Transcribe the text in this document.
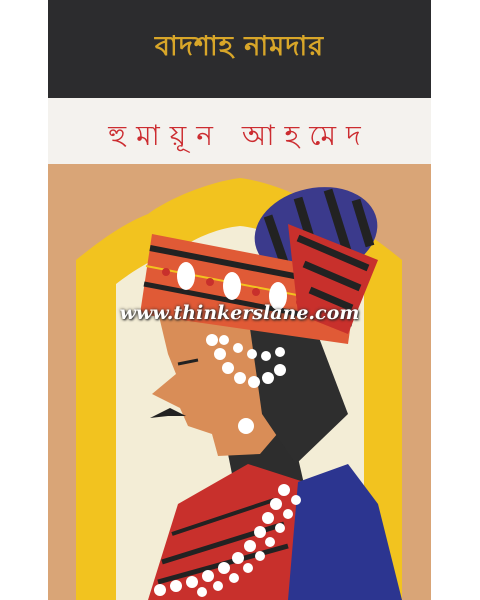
বাদশাহ নামদার
হুমায়ূন আহমেদ
www.thinkerslane.com
